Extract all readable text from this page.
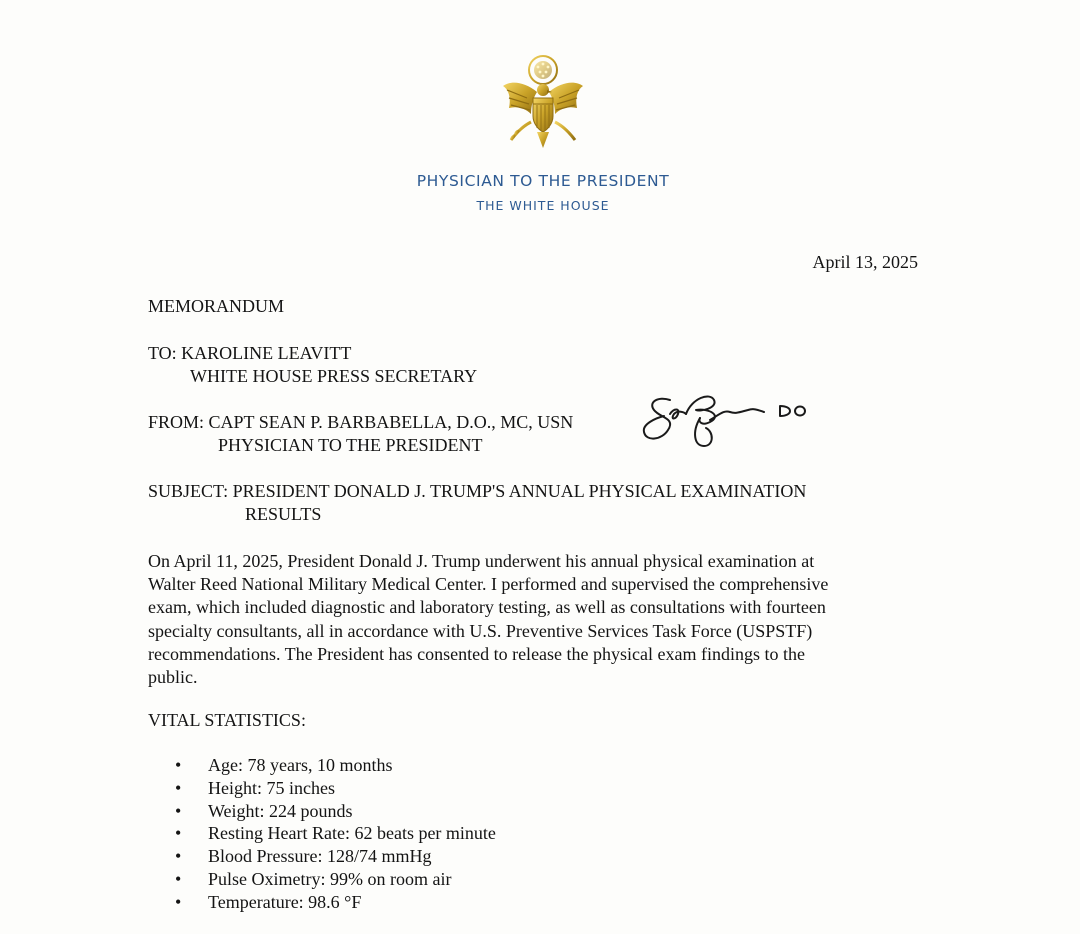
PHYSICIAN TO THE PRESIDENT
THE WHITE HOUSE
April 13, 2025
MEMORANDUM
TO: KAROLINE LEAVITT
WHITE HOUSE PRESS SECRETARY
FROM: CAPT SEAN P. BARBABELLA, D.O., MC, USN
PHYSICIAN TO THE PRESIDENT
SUBJECT: PRESIDENT DONALD J. TRUMP'S ANNUAL PHYSICAL EXAMINATION
RESULTS
On April 11, 2025, President Donald J. Trump underwent his annual physical examination at
Walter Reed National Military Medical Center. I performed and supervised the comprehensive
exam, which included diagnostic and laboratory testing, as well as consultations with fourteen
specialty consultants, all in accordance with U.S. Preventive Services Task Force (USPSTF)
recommendations. The President has consented to release the physical exam findings to the
public.
VITAL STATISTICS:
• Age: 78 years, 10 months
• Height: 75 inches
• Weight: 224 pounds
• Resting Heart Rate: 62 beats per minute
• Blood Pressure: 128/74 mmHg
• Pulse Oximetry: 99% on room air
• Temperature: 98.6 °F
